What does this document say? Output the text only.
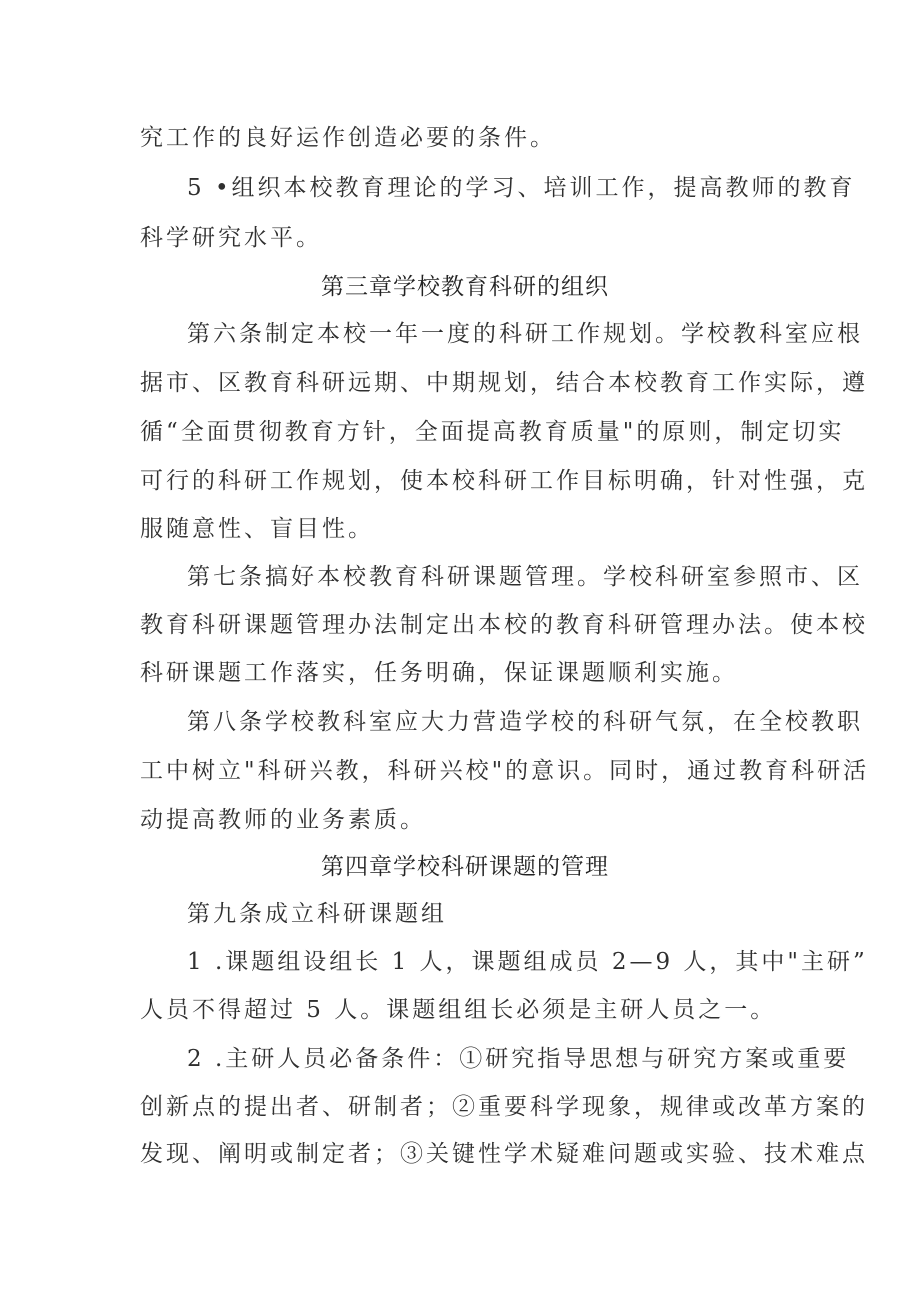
究工作的良好运作创造必要的条件。
5 •组织本校教育理论的学习、培训工作，提高教师的教育
科学研究水平。
第三章学校教育科研的组织
第六条制定本校一年一度的科研工作规划。学校教科室应根
据市、区教育科研远期、中期规划，结合本校教育工作实际，遵
循“全面贯彻教育方针，全面提高教育质量"的原则，制定切实
可行的科研工作规划，使本校科研工作目标明确，针对性强，克
服随意性、盲目性。
第七条搞好本校教育科研课题管理。学校科研室参照市、区
教育科研课题管理办法制定出本校的教育科研管理办法。使本校
科研课题工作落实，任务明确，保证课题顺利实施。
第八条学校教科室应大力营造学校的科研气氛，在全校教职
工中树立"科研兴教，科研兴校"的意识。同时，通过教育科研活
动提高教师的业务素质。
第四章学校科研课题的管理
第九条成立科研课题组
1 .课题组设组长 1 人，课题组成员 2—9 人，其中"主研”
人员不得超过 5 人。课题组组长必须是主研人员之一。
2 .主研人员必备条件：①研究指导思想与研究方案或重要
创新点的提出者、研制者；②重要科学现象，规律或改革方案的
发现、阐明或制定者；③关键性学术疑难问题或实验、技术难点
